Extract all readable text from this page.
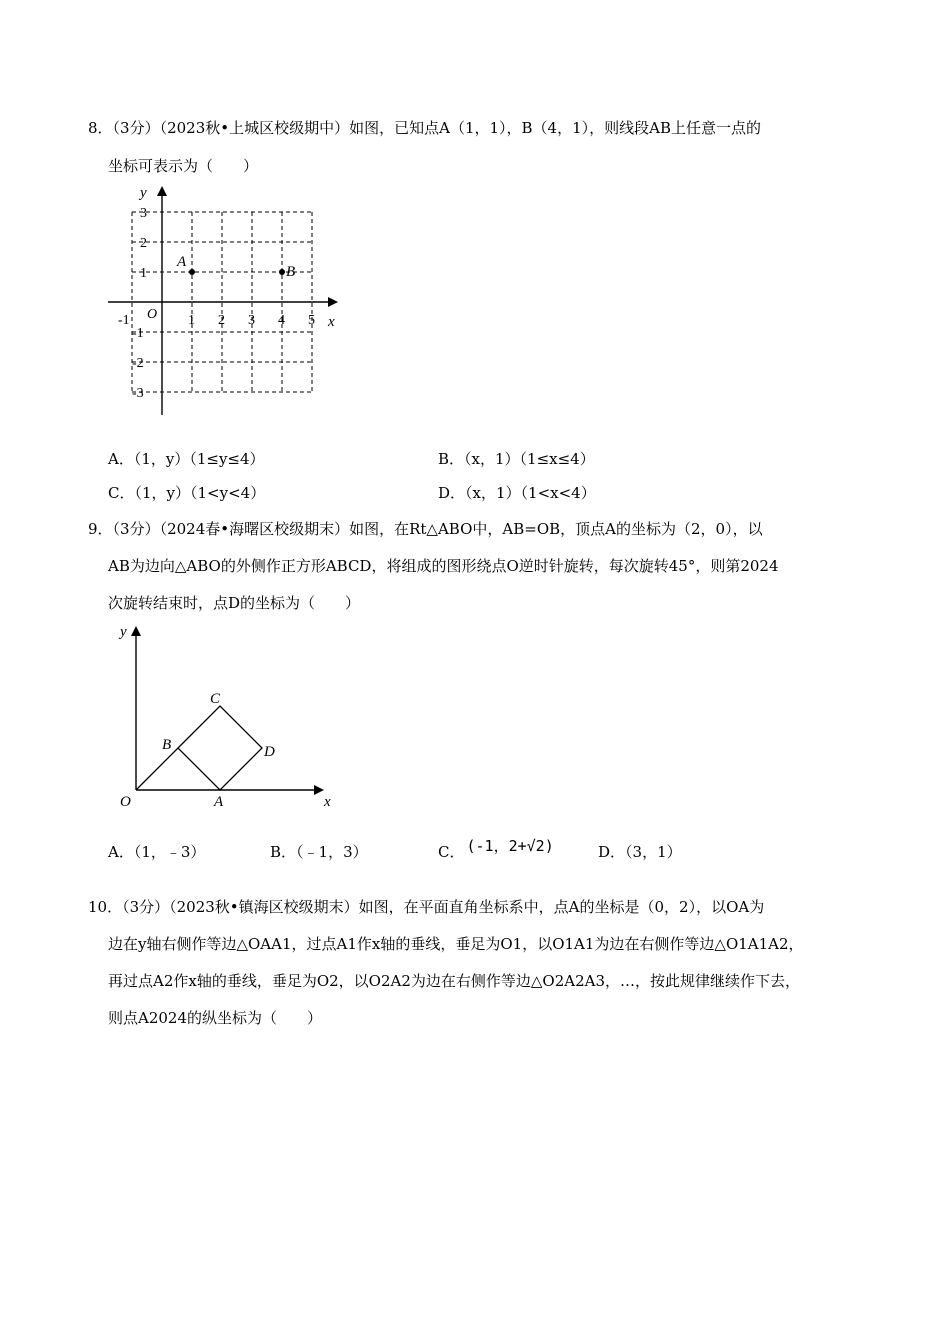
8．（3分）（2023秋•上城区校级期中）如图，已知点A（1，1），B（4，1），则线段AB上任意一点的
坐标可表示为（　　）
x
y
O
-1	1 2 3 4 5
3
2
1
-1
-2
-3
A
B
A．（1，y）（1≤y≤4）	B．（x，1）（1≤x≤4）
C．（1，y）（1<y<4）	D．（x，1）（1<x<4）
9．（3分）（2024春•海曙区校级期末）如图，在Rt△ABO中，AB=OB，顶点A的坐标为（2，0），以
AB为边向△ABO的外侧作正方形ABCD，将组成的图形绕点O逆时针旋转，每次旋转45°，则第2024
次旋转结束时，点D的坐标为（　　）
x
y
O	A
B
C
D
A．（1，﹣3）	B．（﹣1，3）	C． (-1，2+√2)	D．（3，1）
10．（3分）（2023秋•镇海区校级期末）如图，在平面直角坐标系中，点A的坐标是（0，2），以OA为
边在y轴右侧作等边△OAA1，过点A1作x轴的垂线，垂足为O1，以O1A1为边在右侧作等边△O1A1A2，
再过点A2作x轴的垂线，垂足为O2，以O2A2为边在右侧作等边△O2A2A3，…，按此规律继续作下去，
则点A2024的纵坐标为（　　）
